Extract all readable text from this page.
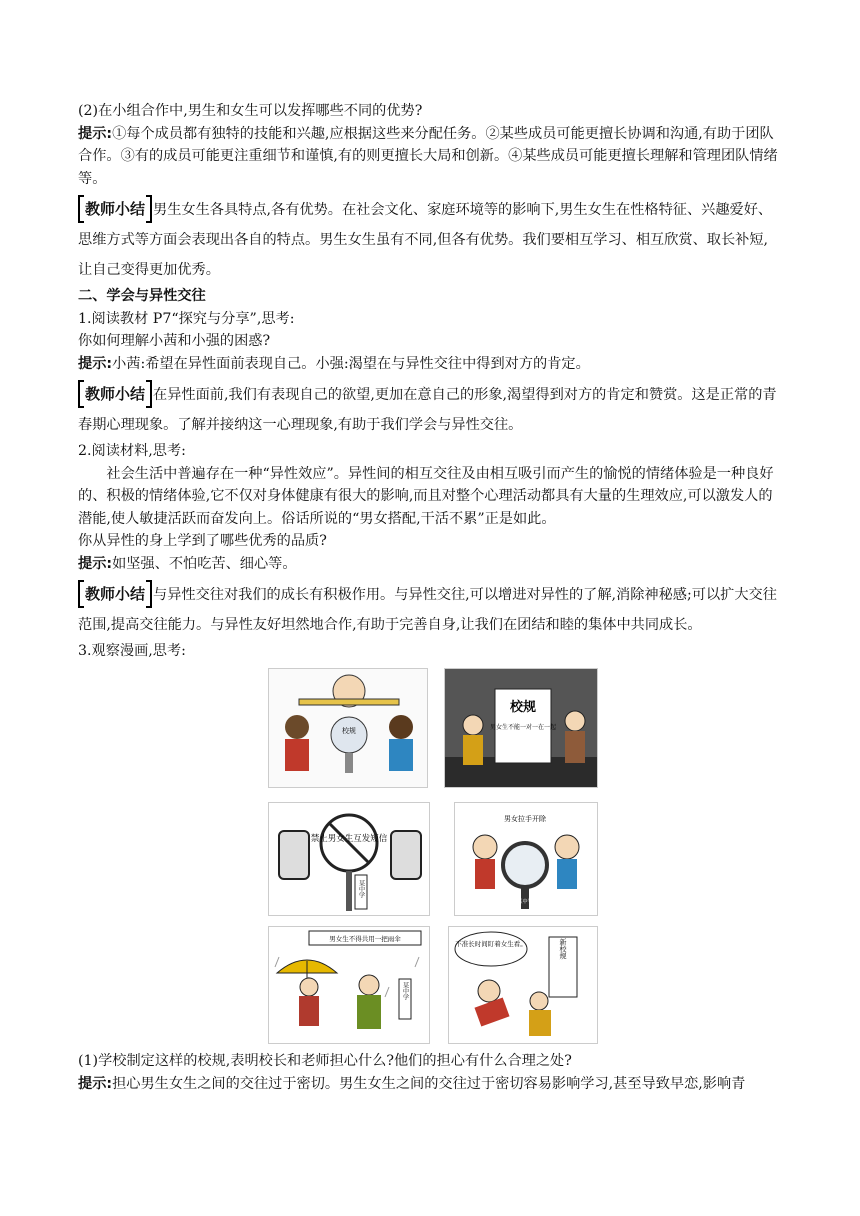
(2)在小组合作中,男生和女生可以发挥哪些不同的优势?

提示:①每个成员都有独特的技能和兴趣,应根据这些来分配任务。②某些成员可能更擅长协调和沟通,有助于团队合作。③有的成员可能更注重细节和谨慎,有的则更擅长大局和创新。④某些成员可能更擅长理解和管理团队情绪等。

教师小结 男生女生各具特点,各有优势。在社会文化、家庭环境等的影响下,男生女生在性格特征、兴趣爱好、思维方式等方面会表现出各自的特点。男生女生虽有不同,但各有优势。我们要相互学习、相互欣赏、取长补短,让自己变得更加优秀。

二、学会与异性交往

1.阅读教材 P7“探究与分享”,思考:

你如何理解小茜和小强的困惑?

提示:小茜:希望在异性面前表现自己。小强:渴望在与异性交往中得到对方的肯定。

教师小结 在异性面前,我们有表现自己的欲望,更加在意自己的形象,渴望得到对方的肯定和赞赏。这是正常的青春期心理现象。了解并接纳这一心理现象,有助于我们学会与异性交往。

2.阅读材料,思考:

社会生活中普遍存在一种“异性效应”。异性间的相互交往及由相互吸引而产生的愉悦的情绪体验是一种良好的、积极的情绪体验,它不仅对身体健康有很大的影响,而且对整个心理活动都具有大量的生理效应,可以激发人的潜能,使人敏捷活跃而奋发向上。俗话所说的“男女搭配,干活不累”正是如此。

你从异性的身上学到了哪些优秀的品质?

提示:如坚强、不怕吃苦、细心等。

教师小结 与异性交往对我们的成长有积极作用。与异性交往,可以增进对异性的了解,消除神秘感;可以扩大交往范围,提高交往能力。与异性友好坦然地合作,有助于完善自身,让我们在团结和睦的集体中共同成长。

3.观察漫画,思考:

校规
校规
男女生不能一对一在一起
禁止男女生互发短信
某中学
男女拉手开除
某中学
男女生不得共用一把雨伞
某中学
不准长时间盯着女生看。	新校规

(1)学校制定这样的校规,表明校长和老师担心什么?他们的担心有什么合理之处?

提示:担心男生女生之间的交往过于密切。男生女生之间的交往过于密切容易影响学习,甚至导致早恋,影响青
